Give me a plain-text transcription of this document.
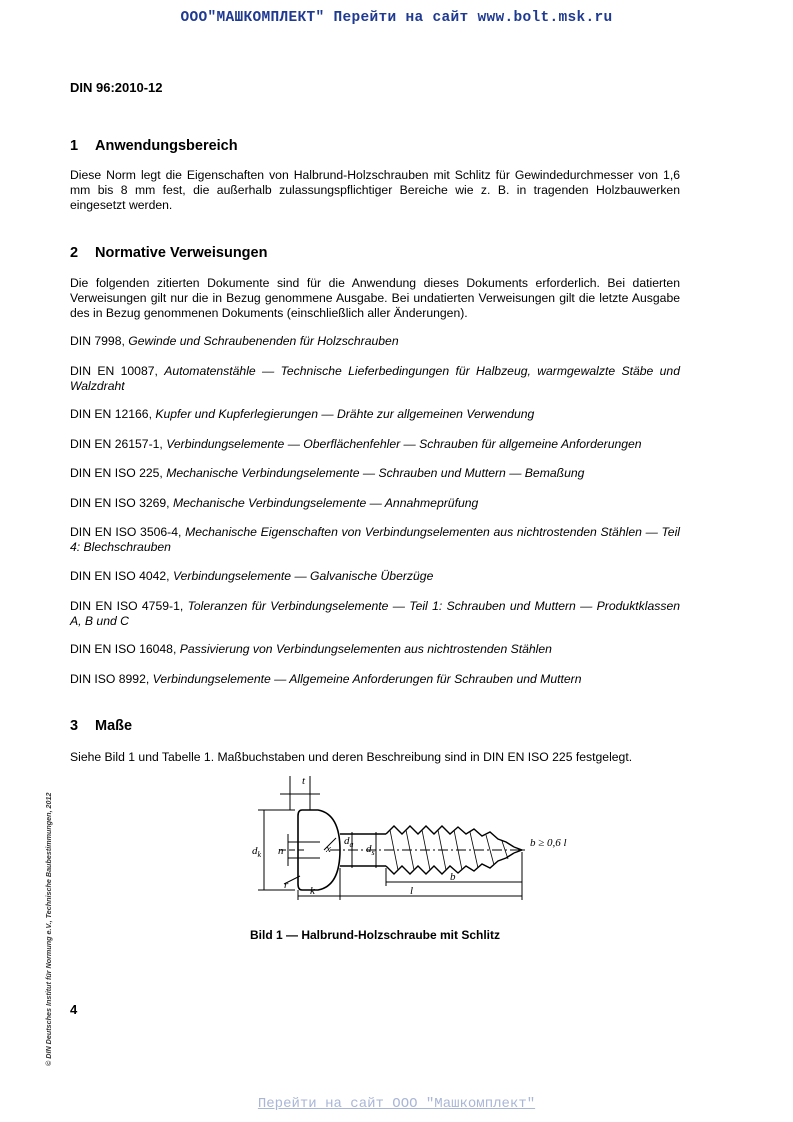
ООО"МАШКОМПЛЕКТ" Перейти на сайт www.bolt.msk.ru
DIN 96:2010-12
1 Anwendungsbereich
Diese Norm legt die Eigenschaften von Halbrund-Holzschrauben mit Schlitz für Gewindedurchmesser von 1,6 mm bis 8 mm fest, die außerhalb zulassungspflichtiger Bereiche wie z. B. in tragenden Holzbauwerken eingesetzt werden.
2 Normative Verweisungen
Die folgenden zitierten Dokumente sind für die Anwendung dieses Dokuments erforderlich. Bei datierten Verweisungen gilt nur die in Bezug genommene Ausgabe. Bei undatierten Verweisungen gilt die letzte Ausgabe des in Bezug genommenen Dokuments (einschließlich aller Änderungen).
DIN 7998, Gewinde und Schraubenenden für Holzschrauben
DIN EN 10087, Automatenstähle — Technische Lieferbedingungen für Halbzeug, warmgewalzte Stäbe und Walzdraht
DIN EN 12166, Kupfer und Kupferlegierungen — Drähte zur allgemeinen Verwendung
DIN EN 26157-1, Verbindungselemente — Oberflächenfehler — Schrauben für allgemeine Anforderungen
DIN EN ISO 225, Mechanische Verbindungselemente — Schrauben und Muttern — Bemaßung
DIN EN ISO 3269, Mechanische Verbindungselemente — Annahmeprüfung
DIN EN ISO 3506-4, Mechanische Eigenschaften von Verbindungselementen aus nichtrostenden Stählen — Teil 4: Blechschrauben
DIN EN ISO 4042, Verbindungselemente — Galvanische Überzüge
DIN EN ISO 4759-1, Toleranzen für Verbindungselemente — Teil 1: Schrauben und Muttern — Produktklassen A, B und C
DIN EN ISO 16048, Passivierung von Verbindungselementen aus nichtrostenden Stählen
DIN ISO 8992, Verbindungselemente — Allgemeine Anforderungen für Schrauben und Muttern
3 Maße
Siehe Bild 1 und Tabelle 1. Maßbuchstaben und deren Beschreibung sind in DIN EN ISO 225 festgelegt.
t
$d_k$ n	x
$d_a$ $d_s$
r k	l
b
b ≥ 0,6 l
Bild 1 — Halbrund-Holzschraube mit Schlitz
4
© DIN Deutsches Institut für Normung e.V., Technische Baubestimmungen, 2012
Перейти на сайт ООО "Машкомплект"
